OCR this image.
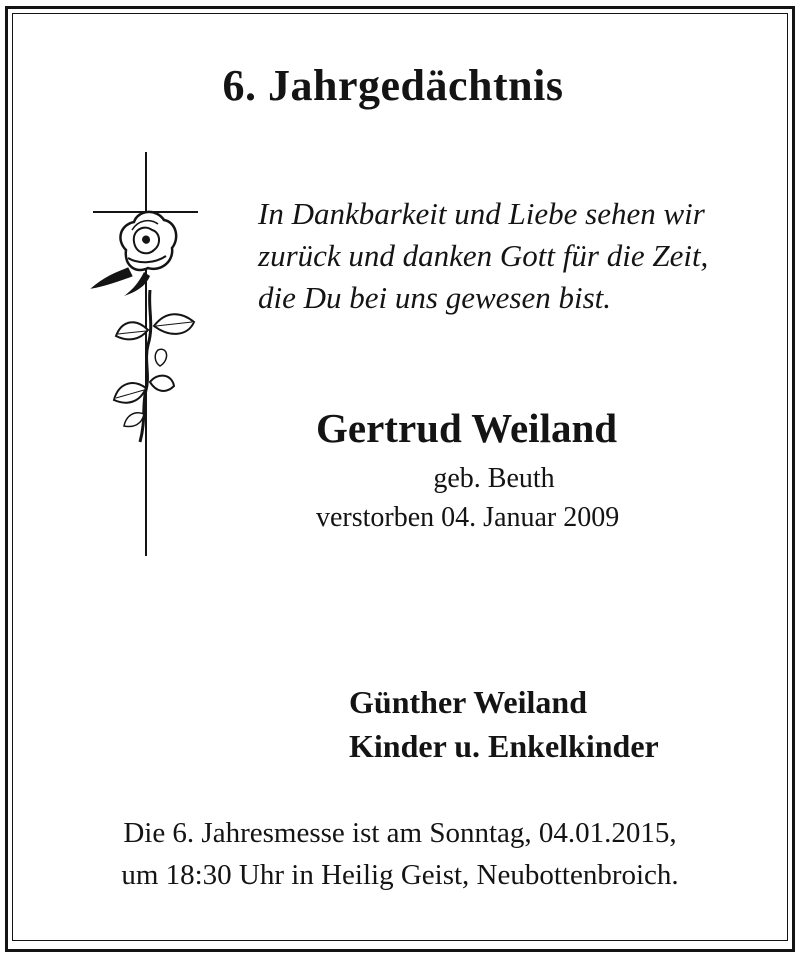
6. Jahrgedächtnis
In Dankbarkeit und Liebe sehen wir
zurück und danken Gott für die Zeit,
die Du bei uns gewesen bist.
Gertrud Weiland
geb. Beuth
verstorben 04. Januar 2009
Günther Weiland
Kinder u. Enkelkinder
Die 6. Jahresmesse ist am Sonntag, 04.01.2015,
um 18:30 Uhr in Heilig Geist, Neubottenbroich.
